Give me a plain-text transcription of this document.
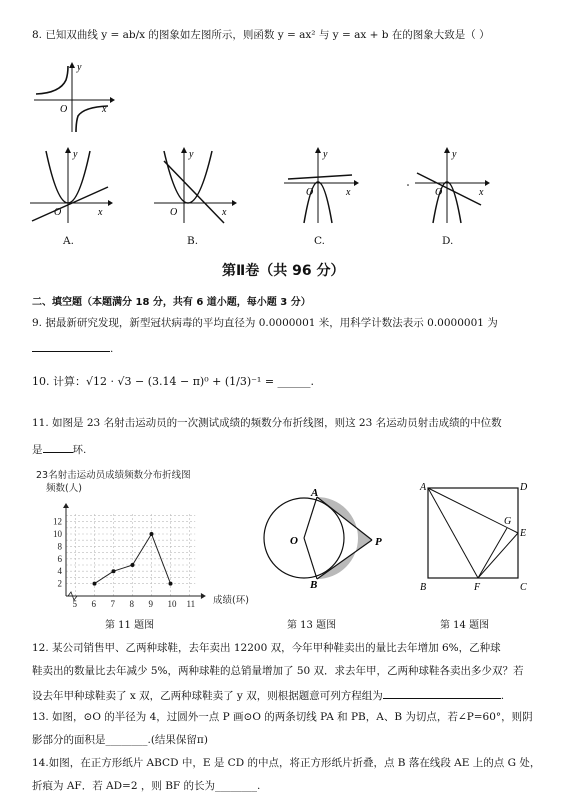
8. 已知双曲线 y = ab/x 的图象如左图所示，则函数 y = ax² 与 y = ax + b 在的图象大致是（ ）
y
x
O
y
x
O
A.
y
x
O
B.
y
x
O
C.
y
x
O
D.
第Ⅱ卷（共 96 分）
二、填空题（本题满分 18 分，共有 6 道小题，每小题 3 分）
9. 据最新研究发现，新型冠状病毒的平均直径为 0.0000001 米，用科学计数法表示 0.0000001 为
.
10. 计算：√12 · √3 − (3.14 − π)⁰ + (1/3)⁻¹ = ______.
11. 如图是 23 名射击运动员的一次测试成绩的频数分布折线图，则这 23 名运动员射击成绩的中位数
是	环.
23名射击运动员成绩频数分布折线图
频数(人)
成绩(环)
5 6 7 8 9 10 11
2
4
6
8
10
12
A
O	P
B
A	D
G
E
B	F	C
第 11 题图	第 13 题图	第 14 题图
12. 某公司销售甲、乙两种球鞋，去年卖出 12200 双，今年甲种鞋卖出的量比去年增加 6%，乙种球
鞋卖出的数量比去年减少 5%，两种球鞋的总销量增加了 50 双．求去年甲，乙两种球鞋各卖出多少双？若
设去年甲种球鞋卖了 x 双，乙两种球鞋卖了 y 双，则根据题意可列方程组为	.
13. 如图，⊙O 的半径为 4，过圆外一点 P 画⊙O 的两条切线 PA 和 PB，A、B 为切点，若∠P=60°，则阴
影部分的面积是________.(结果保留π)
14.如图，在正方形纸片 ABCD 中，E 是 CD 的中点，将正方形纸片折叠，点 B 落在线段 AE 上的点 G 处，
折痕为 AF．若 AD=2 ，则 BF 的长为________.
